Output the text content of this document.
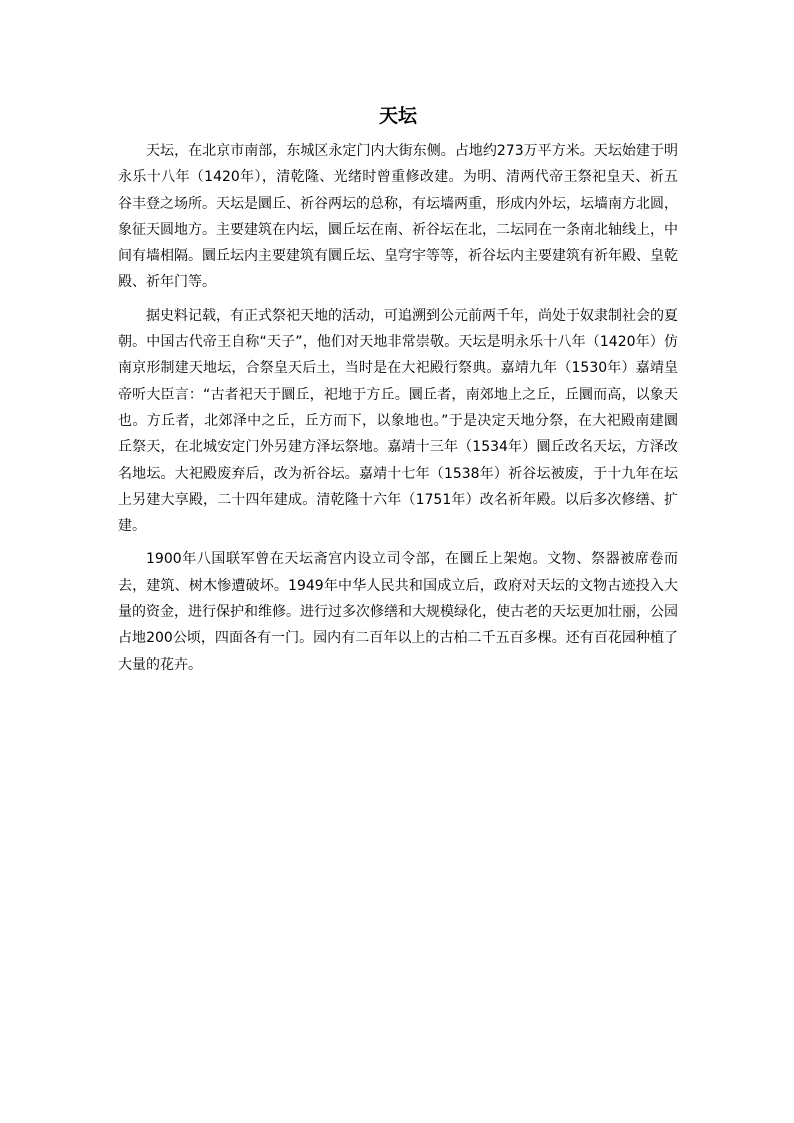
天坛

天坛，在北京市南部，东城区永定门内大街东侧。占地约273万平方米。天坛始建于明永乐十八年（1420年），清乾隆、光绪时曾重修改建。为明、清两代帝王祭祀皇天、祈五谷丰登之场所。天坛是圜丘、祈谷两坛的总称，有坛墙两重，形成内外坛，坛墙南方北圆，象征天圆地方。主要建筑在内坛，圜丘坛在南、祈谷坛在北，二坛同在一条南北轴线上，中间有墙相隔。圜丘坛内主要建筑有圜丘坛、皇穹宇等等，祈谷坛内主要建筑有祈年殿、皇乾殿、祈年门等。

据史料记载，有正式祭祀天地的活动，可追溯到公元前两千年，尚处于奴隶制社会的夏朝。中国古代帝王自称“天子”，他们对天地非常崇敬。天坛是明永乐十八年（1420年）仿南京形制建天地坛，合祭皇天后土，当时是在大祀殿行祭典。嘉靖九年（1530年）嘉靖皇帝听大臣言：“古者祀天于圜丘，祀地于方丘。圜丘者，南郊地上之丘，丘圜而高，以象天也。方丘者，北郊泽中之丘，丘方而下，以象地也。”于是决定天地分祭，在大祀殿南建圜丘祭天，在北城安定门外另建方泽坛祭地。嘉靖十三年（1534年）圜丘改名天坛，方泽改名地坛。大祀殿废弃后，改为祈谷坛。嘉靖十七年（1538年）祈谷坛被废，于十九年在坛上另建大享殿，二十四年建成。清乾隆十六年（1751年）改名祈年殿。以后多次修缮、扩建。

1900年八国联军曾在天坛斋宫内设立司令部，在圜丘上架炮。文物、祭器被席卷而去，建筑、树木惨遭破坏。1949年中华人民共和国成立后，政府对天坛的文物古迹投入大量的资金，进行保护和维修。进行过多次修缮和大规模绿化，使古老的天坛更加壮丽，公园占地200公顷，四面各有一门。园内有二百年以上的古柏二千五百多棵。还有百花园种植了大量的花卉。
